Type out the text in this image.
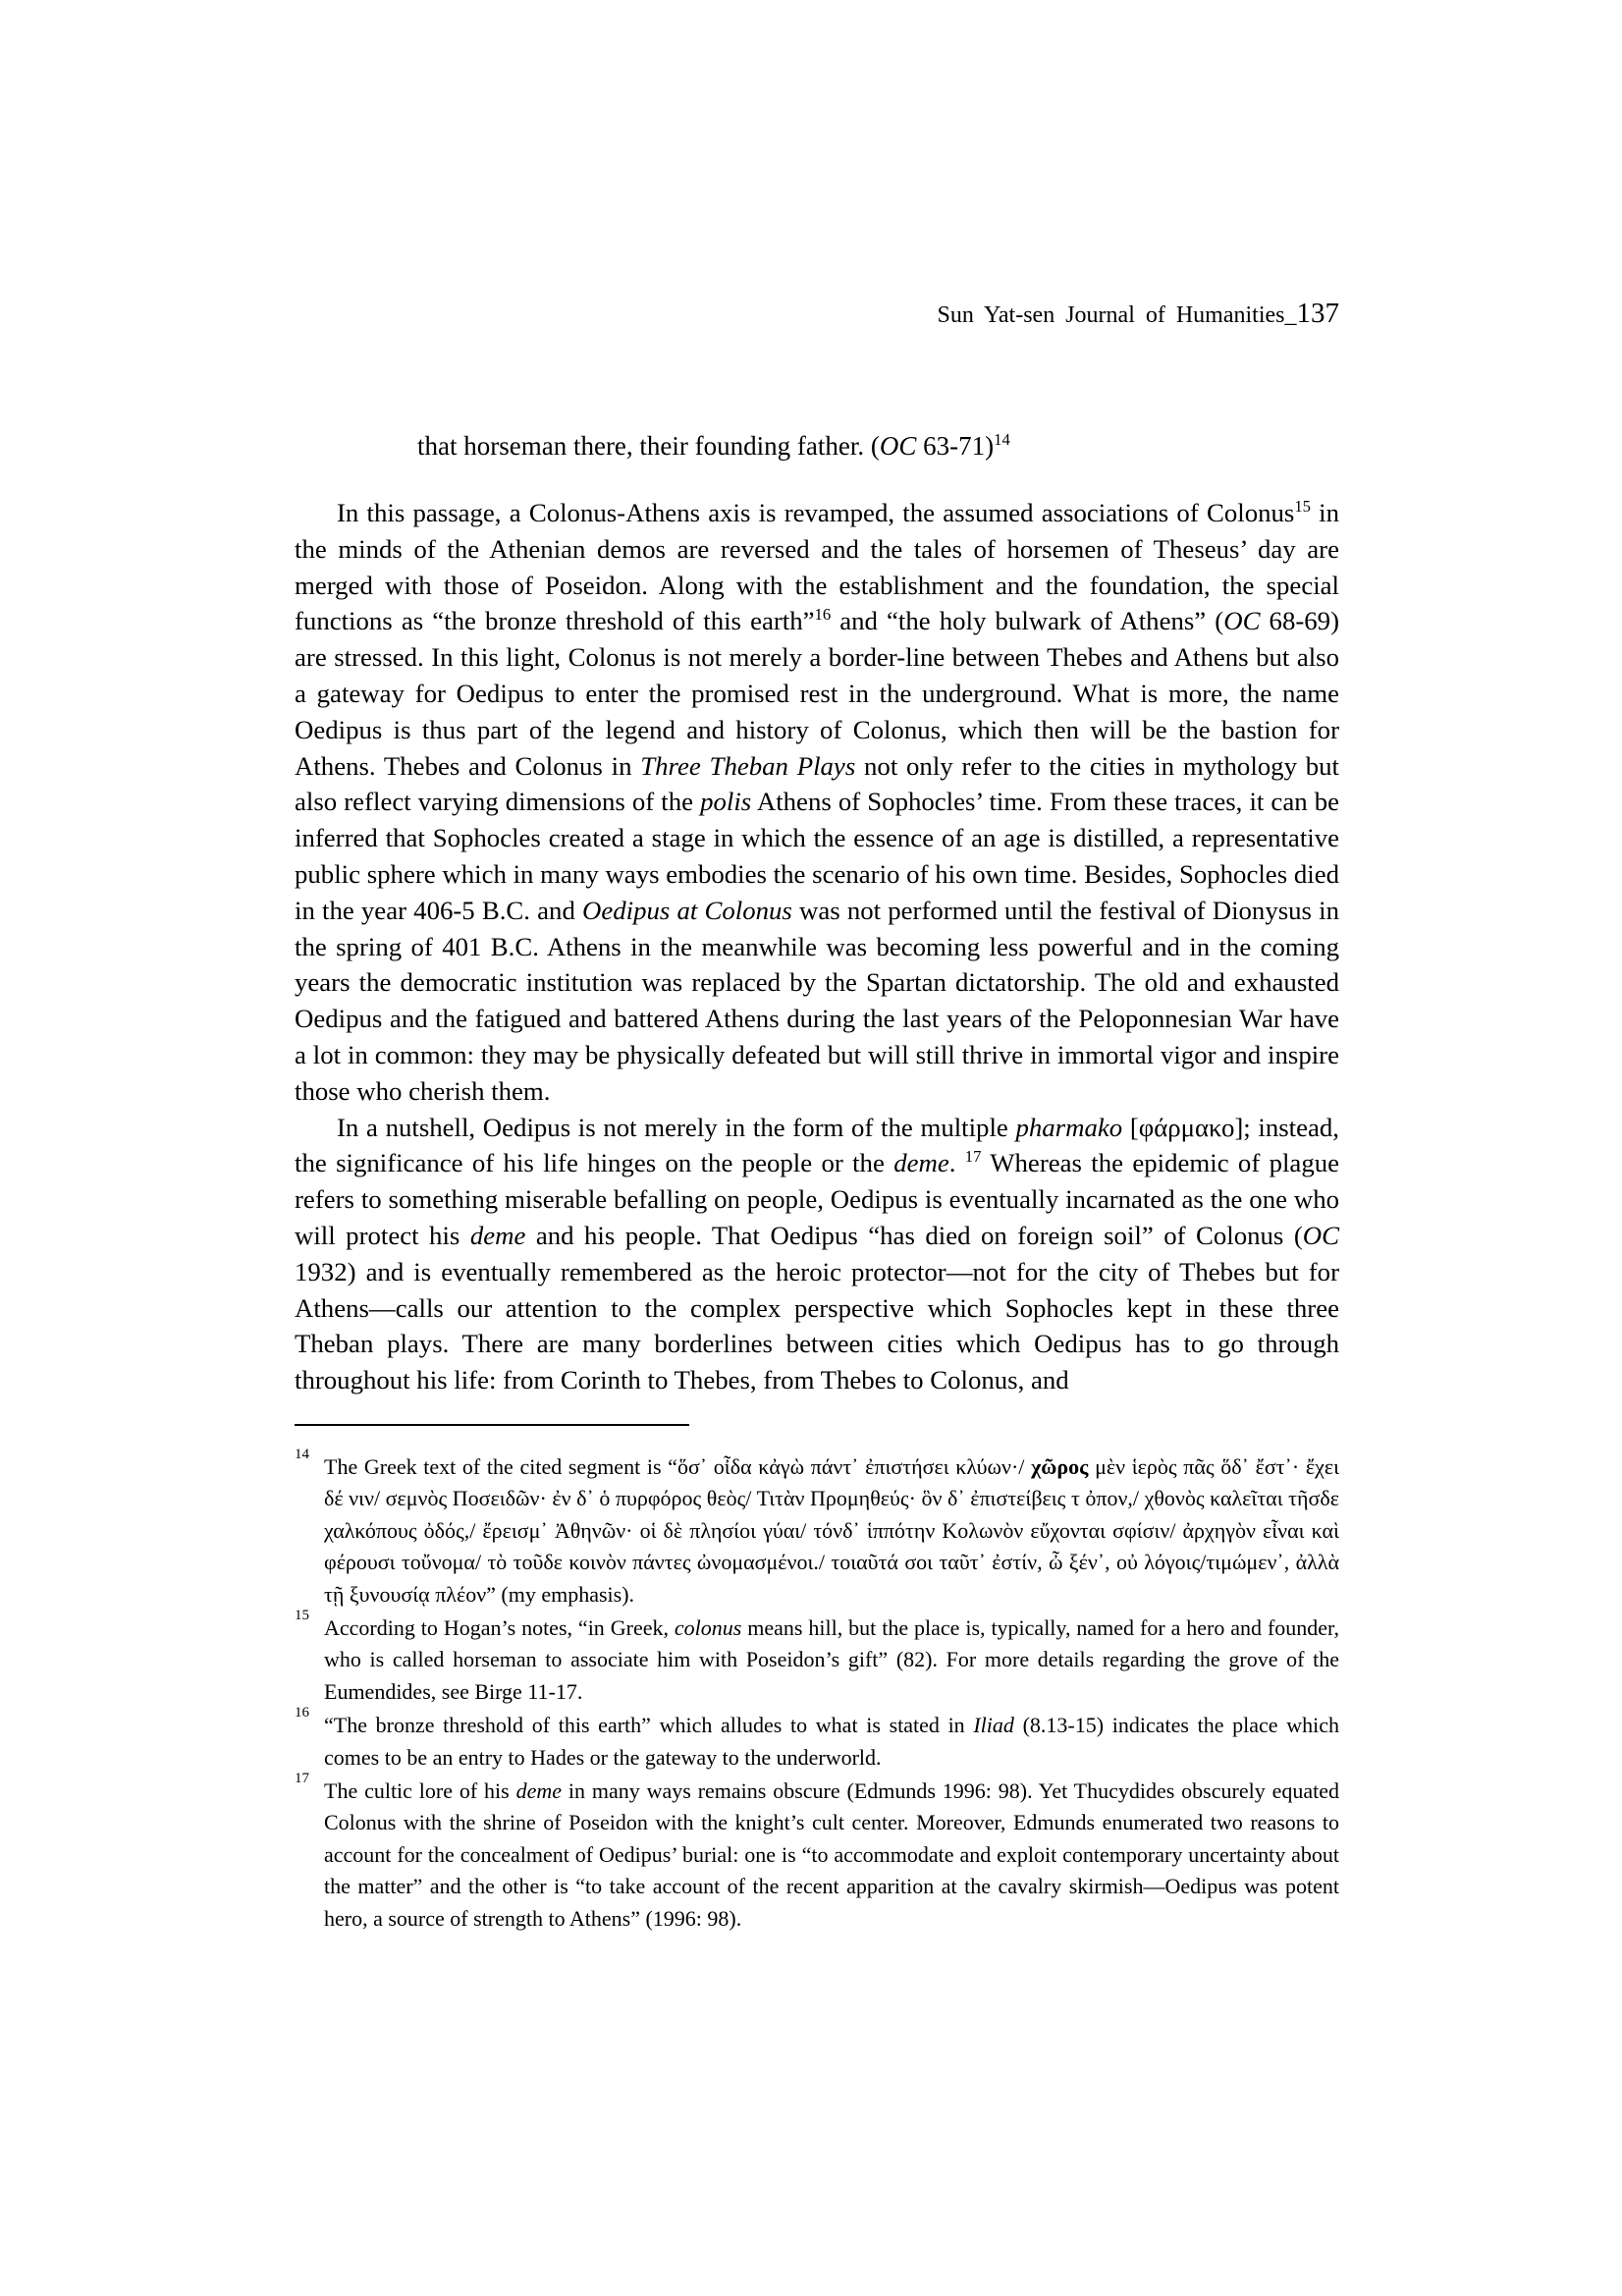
Sun Yat-sen Journal of Humanities_137
that horseman there, their founding father. (OC 63-71)$^{14}$

In this passage, a Colonus-Athens axis is revamped, the assumed associations of Colonus$^{15}$ in the minds of the Athenian demos are reversed and the tales of horsemen of Theseus’ day are merged with those of Poseidon. Along with the establishment and the foundation, the special functions as “the bronze threshold of this earth”$^{16}$ and “the holy bulwark of Athens” (OC 68-69) are stressed. In this light, Colonus is not merely a border-line between Thebes and Athens but also a gateway for Oedipus to enter the promised rest in the underground. What is more, the name Oedipus is thus part of the legend and history of Colonus, which then will be the bastion for Athens. Thebes and Colonus in Three Theban Plays not only refer to the cities in mythology but also reflect varying dimensions of the polis Athens of Sophocles’ time. From these traces, it can be inferred that Sophocles created a stage in which the essence of an age is distilled, a representative public sphere which in many ways embodies the scenario of his own time. Besides, Sophocles died in the year 406-5 B.C. and Oedipus at Colonus was not performed until the festival of Dionysus in the spring of 401 B.C. Athens in the meanwhile was becoming less powerful and in the coming years the democratic institution was replaced by the Spartan dictatorship. The old and exhausted Oedipus and the fatigued and battered Athens during the last years of the Peloponnesian War have a lot in common: they may be physically defeated but will still thrive in immortal vigor and inspire those who cherish them.

In a nutshell, Oedipus is not merely in the form of the multiple pharmako [φάρμακο]; instead, the significance of his life hinges on the people or the deme. $^{17}$ Whereas the epidemic of plague refers to something miserable befalling on people, Oedipus is eventually incarnated as the one who will protect his deme and his people. That Oedipus “has died on foreign soil” of Colonus (OC 1932) and is eventually remembered as the heroic protector—not for the city of Thebes but for Athens—calls our attention to the complex perspective which Sophocles kept in these three Theban plays. There are many borderlines between cities which Oedipus has to go through throughout his life: from Corinth to Thebes, from Thebes to Colonus, and

14 The Greek text of the cited segment is “ὅσ᾽ οἶδα κἀγὼ πάντ᾽ ἐπιστήσει κλύων·/ χῶρος μὲν ἱερὸς πᾶς ὅδ᾽ ἔστ᾽· ἔχει δέ νιν/ σεμνὸς Ποσειδῶν· ἐν δ᾽ ὁ πυρφόρος θεὸς/ Τιτὰν Προμηθεύς· ὃν δ᾽ ἐπιστείβεις τ ὀπον,/ χθονὸς καλεῖται τῆσδε χαλκόπους ὀδός,/ ἔρεισμ᾽ Ἀθηνῶν· οἱ δὲ πλησίοι γύαι/ τόνδ᾽ ἱππότην Κολωνὸν εὔχονται σφίσιν/ ἀρχηγὸν εἶναι καὶ φέρουσι τοὔνομα/ τὸ τοῦδε κοινὸν πάντες ὠνομασμένοι./ τοιαῦτά σοι ταῦτ᾽ ἐστίν, ὦ ξέν᾽, οὐ λόγοις/τιμώμεν᾽, ἀλλὰ τῇ ξυνουσίᾳ πλέον” (my emphasis).
15 According to Hogan’s notes, “in Greek, colonus means hill, but the place is, typically, named for a hero and founder, who is called horseman to associate him with Poseidon’s gift” (82). For more details regarding the grove of the Eumendides, see Birge 11-17.
16 “The bronze threshold of this earth” which alludes to what is stated in Iliad (8.13-15) indicates the place which comes to be an entry to Hades or the gateway to the underworld.
17 The cultic lore of his deme in many ways remains obscure (Edmunds 1996: 98). Yet Thucydides obscurely equated Colonus with the shrine of Poseidon with the knight’s cult center. Moreover, Edmunds enumerated two reasons to account for the concealment of Oedipus’ burial: one is “to accommodate and exploit contemporary uncertainty about the matter” and the other is “to take account of the recent apparition at the cavalry skirmish—Oedipus was potent hero, a source of strength to Athens” (1996: 98).
